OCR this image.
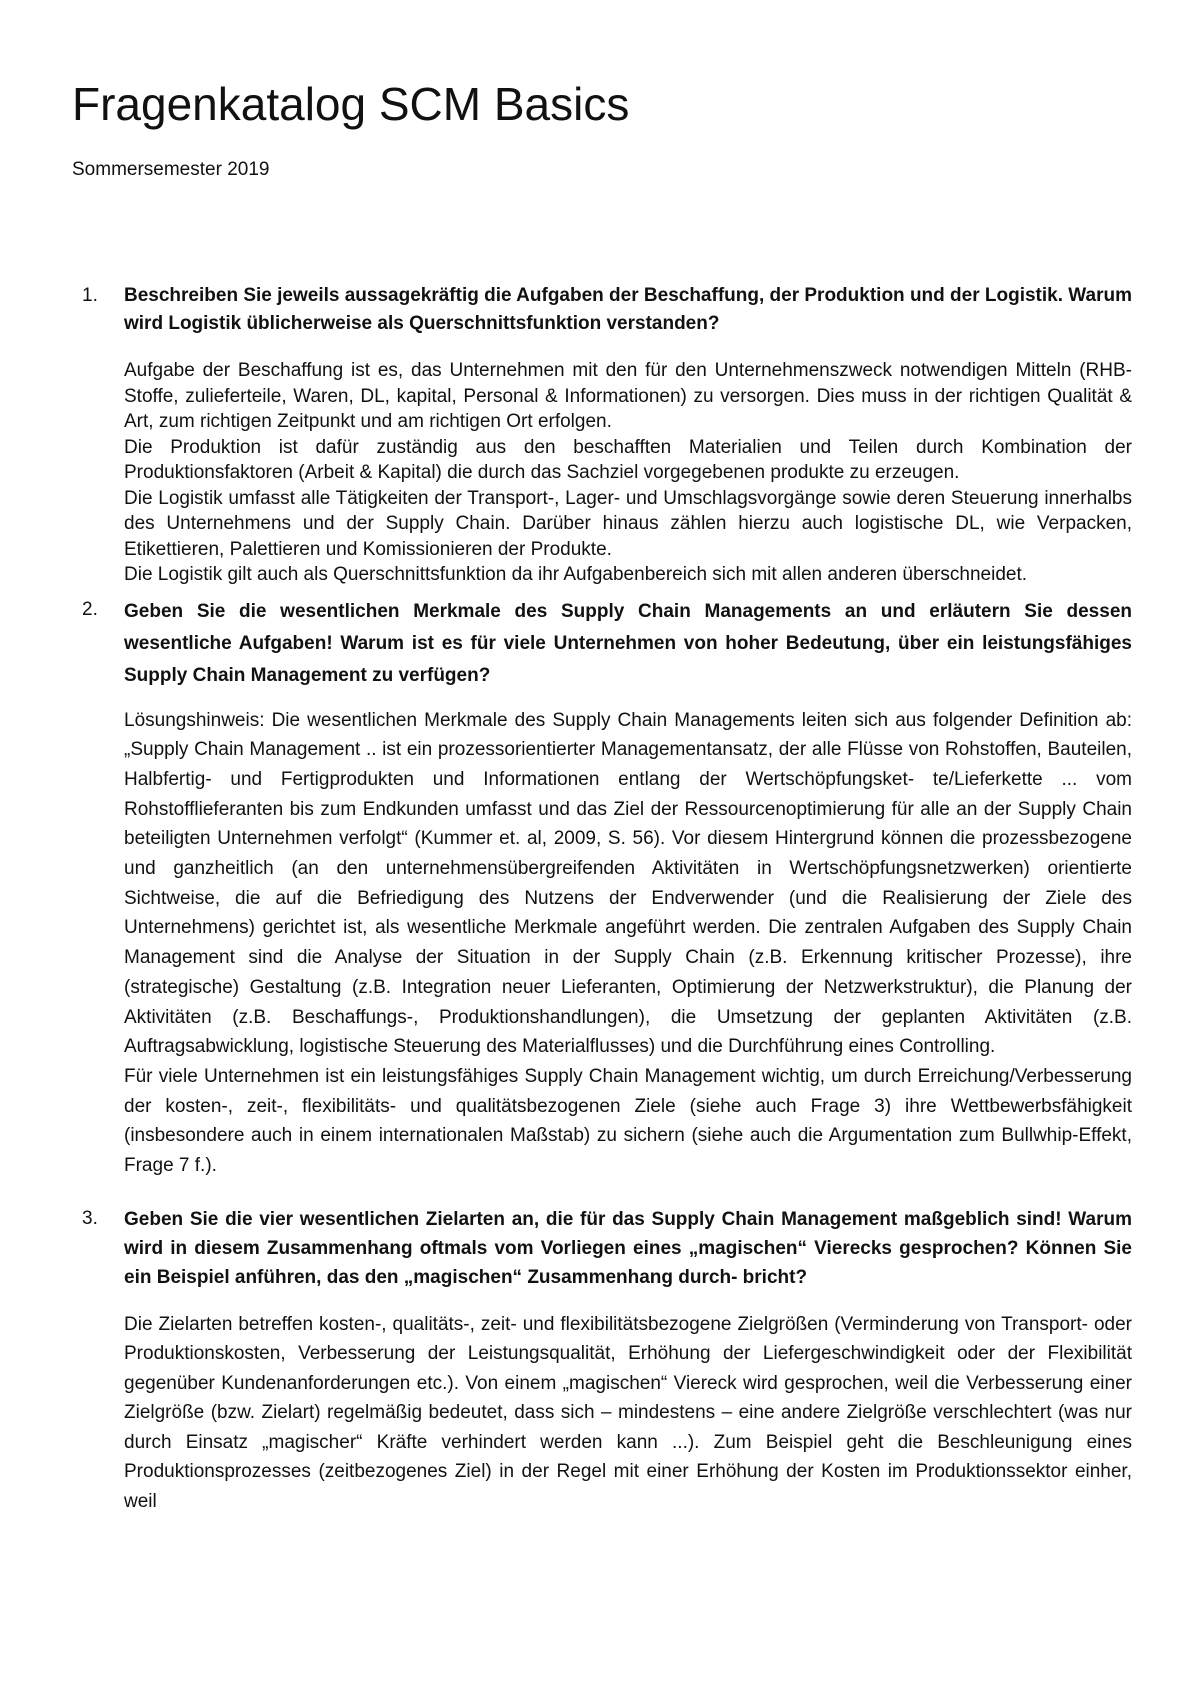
Fragenkatalog SCM Basics

Sommersemester 2019

1. Beschreiben Sie jeweils aussagekräftig die Aufgaben der Beschaffung, der Produktion und der Logistik. Warum wird Logistik üblicherweise als Querschnittsfunktion verstanden?

Aufgabe der Beschaffung ist es, das Unternehmen mit den für den Unternehmenszweck notwendigen Mitteln (RHB-Stoffe, zulieferteile, Waren, DL, kapital, Personal & Informationen) zu versorgen. Dies muss in der richtigen Qualität & Art, zum richtigen Zeitpunkt und am richtigen Ort erfolgen.
Die Produktion ist dafür zuständig aus den beschafften Materialien und Teilen durch Kombination der Produktionsfaktoren (Arbeit & Kapital) die durch das Sachziel vorgegebenen produkte zu erzeugen.
Die Logistik umfasst alle Tätigkeiten der Transport-, Lager- und Umschlagsvorgänge sowie deren Steuerung innerhalbs des Unternehmens und der Supply Chain. Darüber hinaus zählen hierzu auch logistische DL, wie Verpacken, Etikettieren, Palettieren und Komissionieren der Produkte.
Die Logistik gilt auch als Querschnittsfunktion da ihr Aufgabenbereich sich mit allen anderen überschneidet.

2. Geben Sie die wesentlichen Merkmale des Supply Chain Managements an und erläutern Sie dessen wesentliche Aufgaben! Warum ist es für viele Unternehmen von hoher Bedeutung, über ein leistungsfähiges Supply Chain Management zu verfügen?

Lösungshinweis: Die wesentlichen Merkmale des Supply Chain Managements leiten sich aus folgender Definition ab: „Supply Chain Management .. ist ein prozessorientierter Managementansatz, der alle Flüsse von Rohstoffen, Bauteilen, Halbfertig- und Fertigprodukten und Informationen entlang der Wertschöpfungsket- te/Lieferkette ... vom Rohstofflieferanten bis zum Endkunden umfasst und das Ziel der Ressourcenoptimierung für alle an der Supply Chain beteiligten Unternehmen verfolgt“ (Kummer et. al, 2009, S. 56). Vor diesem Hintergrund können die prozessbezogene und ganzheitlich (an den unternehmensübergreifenden Aktivitäten in Wertschöpfungsnetzwerken) orientierte Sichtweise, die auf die Befriedigung des Nutzens der Endverwender (und die Realisierung der Ziele des Unternehmens) gerichtet ist, als wesentliche Merkmale angeführt werden. Die zentralen Aufgaben des Supply Chain Management sind die Analyse der Situation in der Supply Chain (z.B. Erkennung kritischer Prozesse), ihre (strategische) Gestaltung (z.B. Integration neuer Lieferanten, Optimierung der Netzwerkstruktur), die Planung der Aktivitäten (z.B. Beschaffungs-, Produktionshandlungen), die Umsetzung der geplanten Aktivitäten (z.B. Auftragsabwicklung, logistische Steuerung des Materialflusses) und die Durchführung eines Controlling.
Für viele Unternehmen ist ein leistungsfähiges Supply Chain Management wichtig, um durch Erreichung/Verbesserung der kosten-, zeit-, flexibilitäts- und qualitätsbezogenen Ziele (siehe auch Frage 3) ihre Wettbewerbsfähigkeit (insbesondere auch in einem internationalen Maßstab) zu sichern (siehe auch die Argumentation zum Bullwhip-Effekt, Frage 7 f.).

3. Geben Sie die vier wesentlichen Zielarten an, die für das Supply Chain Management maßgeblich sind! Warum wird in diesem Zusammenhang oftmals vom Vorliegen eines „magischen“ Vierecks gesprochen? Können Sie ein Beispiel anführen, das den „magischen“ Zusammenhang durch- bricht?

Die Zielarten betreffen kosten-, qualitäts-, zeit- und flexibilitätsbezogene Zielgrößen (Verminderung von Transport- oder Produktionskosten, Verbesserung der Leistungsqualität, Erhöhung der Liefergeschwindigkeit oder der Flexibilität gegenüber Kundenanforderungen etc.). Von einem „magischen“ Viereck wird gesprochen, weil die Verbesserung einer Zielgröße (bzw. Zielart) regelmäßig bedeutet, dass sich – mindestens – eine andere Zielgröße verschlechtert (was nur durch Einsatz „magischer“ Kräfte verhindert werden kann ...). Zum Beispiel geht die Beschleunigung eines Produktionsprozesses (zeitbezogenes Ziel) in der Regel mit einer Erhöhung der Kosten im Produktionssektor einher, weil
